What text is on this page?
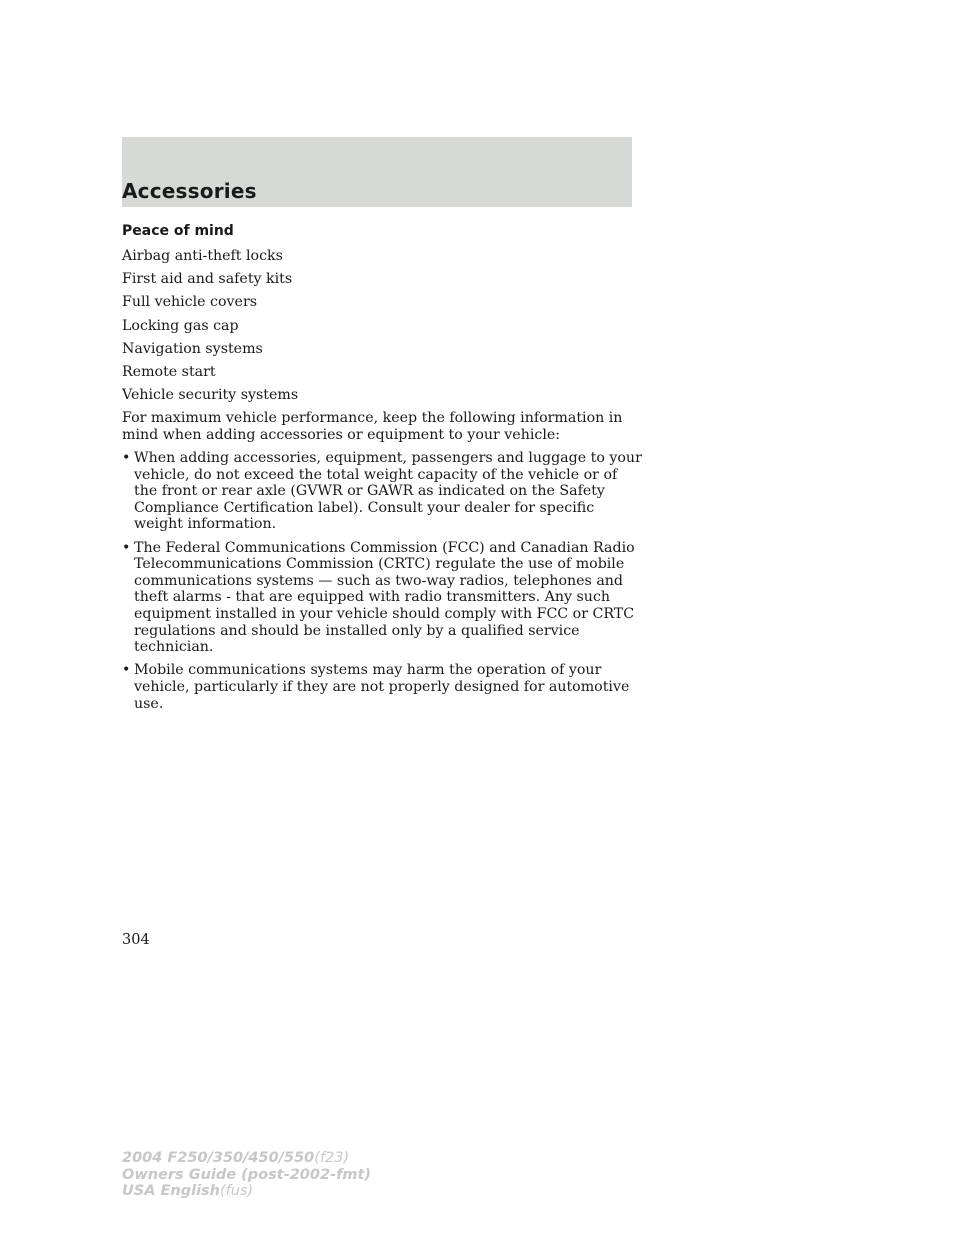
Accessories
Peace of mind
Airbag anti-theft locks
First aid and safety kits
Full vehicle covers
Locking gas cap
Navigation systems
Remote start
Vehicle security systems
For maximum vehicle performance, keep the following information in mind when adding accessories or equipment to your vehicle:
• When adding accessories, equipment, passengers and luggage to your vehicle, do not exceed the total weight capacity of the vehicle or of the front or rear axle (GVWR or GAWR as indicated on the Safety Compliance Certification label). Consult your dealer for specific weight information.
• The Federal Communications Commission (FCC) and Canadian Radio Telecommunications Commission (CRTC) regulate the use of mobile communications systems — such as two-way radios, telephones and theft alarms - that are equipped with radio transmitters. Any such equipment installed in your vehicle should comply with FCC or CRTC regulations and should be installed only by a qualified service technician.
• Mobile communications systems may harm the operation of your vehicle, particularly if they are not properly designed for automotive use.
304
2004 F250/350/450/550(f23)
Owners Guide (post-2002-fmt)
USA English(fus)
